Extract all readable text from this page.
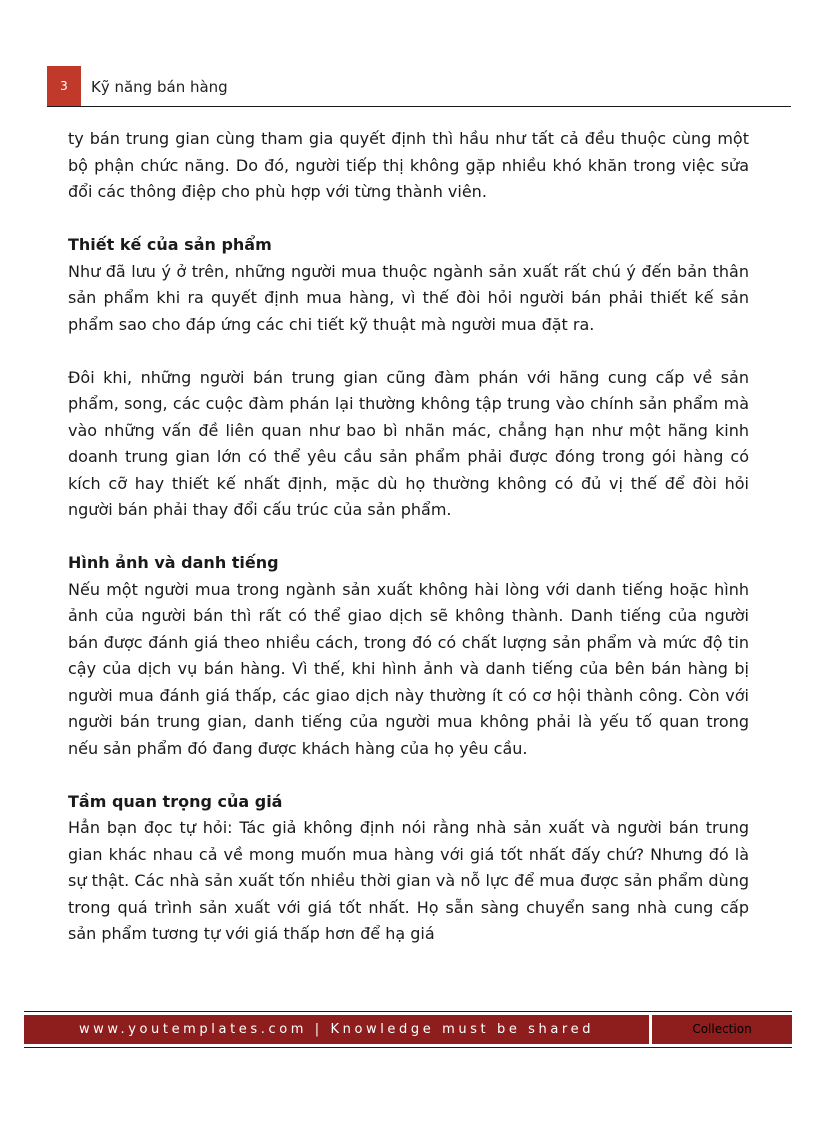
3	Kỹ năng bán hàng

ty bán trung gian cùng tham gia quyết định thì hầu như tất cả đều thuộc cùng một bộ phận chức năng. Do đó, người tiếp thị không gặp nhiều khó khăn trong việc sửa đổi các thông điệp cho phù hợp với từng thành viên.

Thiết kế của sản phẩm

Như đã lưu ý ở trên, những người mua thuộc ngành sản xuất rất chú ý đến bản thân sản phẩm khi ra quyết định mua hàng, vì thế đòi hỏi người bán phải thiết kế sản phẩm sao cho đáp ứng các chi tiết kỹ thuật mà người mua đặt ra.

Đôi khi, những người bán trung gian cũng đàm phán với hãng cung cấp về sản phẩm, song, các cuộc đàm phán lại thường không tập trung vào chính sản phẩm mà vào những vấn đề liên quan như bao bì nhãn mác, chẳng hạn như một hãng kinh doanh trung gian lớn có thể yêu cầu sản phẩm phải được đóng trong gói hàng có kích cỡ hay thiết kế nhất định, mặc dù họ thường không có đủ vị thế để đòi hỏi người bán phải thay đổi cấu trúc của sản phẩm.

Hình ảnh và danh tiếng

Nếu một người mua trong ngành sản xuất không hài lòng với danh tiếng hoặc hình ảnh của người bán thì rất có thể giao dịch sẽ không thành. Danh tiếng của người bán được đánh giá theo nhiều cách, trong đó có chất lượng sản phẩm và mức độ tin cậy của dịch vụ bán hàng. Vì thế, khi hình ảnh và danh tiếng của bên bán hàng bị người mua đánh giá thấp, các giao dịch này thường ít có cơ hội thành công. Còn với người bán trung gian, danh tiếng của người mua không phải là yếu tố quan trong nếu sản phẩm đó đang được khách hàng của họ yêu cầu.

Tầm quan trọng của giá

Hẳn bạn đọc tự hỏi: Tác giả không định nói rằng nhà sản xuất và người bán trung gian khác nhau cả về mong muốn mua hàng với giá tốt nhất đấy chứ? Nhưng đó là sự thật. Các nhà sản xuất tốn nhiều thời gian và nỗ lực để mua được sản phẩm dùng trong quá trình sản xuất với giá tốt nhất. Họ sẵn sàng chuyển sang nhà cung cấp sản phẩm tương tự với giá thấp hơn để hạ giá

www.youtemplates.com | Knowledge must be shared	Collection
